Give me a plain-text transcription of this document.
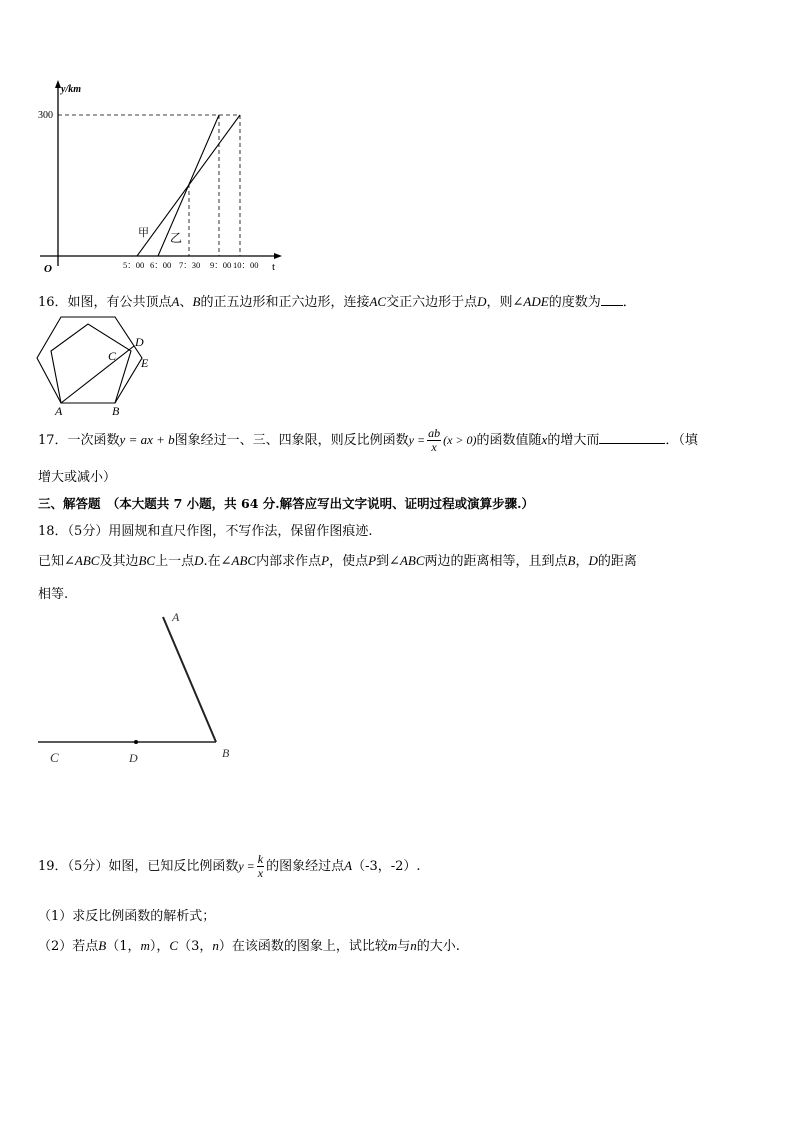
y/km
300
O	t
5：00 6：00 7：30 9：00 10：00
甲 乙
16．如图，有公共顶点A、B的正五边形和正六边形，连接AC交正六边形于点D，则∠ADE的度数为 ．
A	B
C
D
E
17．一次函数y = ax + b图象经过一、三、四象限，则反比例函数$y = \frac{ab}{x} (x > 0)$的函数值随x的增大而	．（填
增大或减小）
三、解答题　（本大题共 7 小题，共 64 分.解答应写出文字说明、证明过程或演算步骤.）
18．（5分）用圆规和直尺作图，不写作法，保留作图痕迹.
已知∠ABC及其边BC上一点D.在∠ABC内部求作点P，使点P到∠ABC两边的距离相等，且到点B，D的距离
相等.
A
B
C	D
19．（5分）如图，已知反比例函数$y = \frac{k}{x}$ 的图象经过点A（-3，-2）.
（1）求反比例函数的解析式；
（2）若点B（1，m），C（3，n）在该函数的图象上，试比较m与n的大小.
